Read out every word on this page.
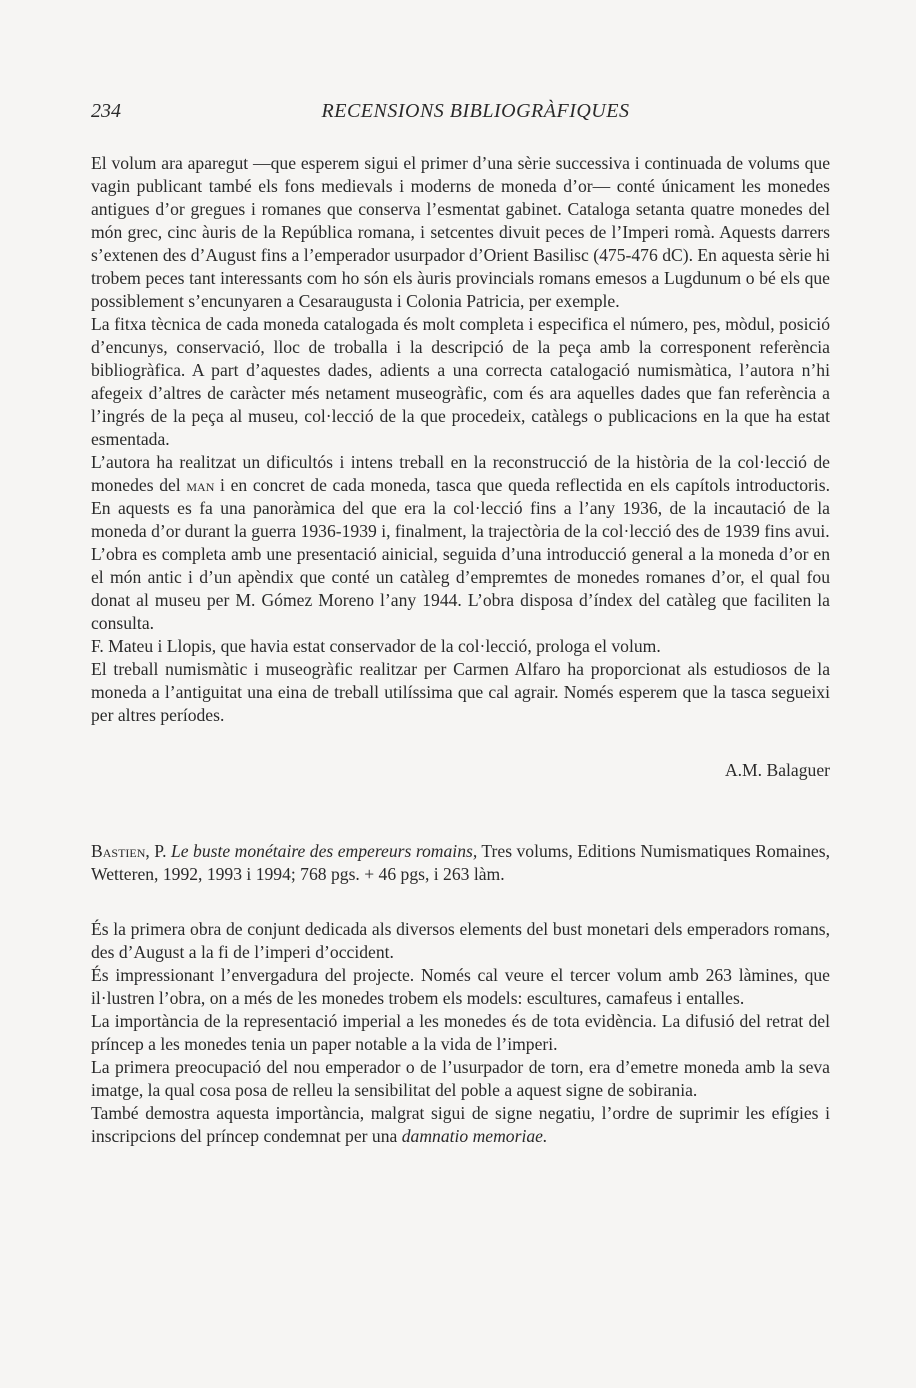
234	RECENSIONS BIBLIOGRÀFIQUES

El volum ara aparegut —que esperem sigui el primer d’una sèrie successiva i continuada de volums que vagin publicant també els fons medievals i moderns de moneda d’or— conté únicament les monedes antigues d’or gregues i romanes que conserva l’esmentat gabinet. Cataloga setanta quatre monedes del món grec, cinc àuris de la República romana, i setcentes divuit peces de l’Imperi romà. Aquests darrers s’extenen des d’August fins a l’emperador usurpador d’Orient Basilisc (475-476 dC). En aquesta sèrie hi trobem peces tant interessants com ho són els àuris provincials romans emesos a Lugdunum o bé els que possiblement s’encunyaren a Cesaraugusta i Colonia Patricia, per exemple.

La fitxa tècnica de cada moneda catalogada és molt completa i especifica el número, pes, mòdul, posició d’encunys, conservació, lloc de troballa i la descripció de la peça amb la corresponent referència bibliogràfica. A part d’aquestes dades, adients a una correcta catalogació numismàtica, l’autora n’hi afegeix d’altres de caràcter més netament museogràfic, com és ara aquelles dades que fan referència a l’ingrés de la peça al museu, col·lecció de la que procedeix, catàlegs o publicacions en la que ha estat esmentada.

L’autora ha realitzat un dificultós i intens treball en la reconstrucció de la història de la col·lecció de monedes del man i en concret de cada moneda, tasca que queda reflectida en els capítols introductoris. En aquests es fa una panoràmica del que era la col·lecció fins a l’any 1936, de la incautació de la moneda d’or durant la guerra 1936-1939 i, finalment, la trajectòria de la col·lecció des de 1939 fins avui.

L’obra es completa amb une presentació ainicial, seguida d’una introducció general a la moneda d’or en el món antic i d’un apèndix que conté un catàleg d’empremtes de monedes romanes d’or, el qual fou donat al museu per M. Gómez Moreno l’any 1944. L’obra disposa d’índex del catàleg que faciliten la consulta.

F. Mateu i Llopis, que havia estat conservador de la col·lecció, prologa el volum.

El treball numismàtic i museogràfic realitzar per Carmen Alfaro ha proporcionat als estudiosos de la moneda a l’antiguitat una eina de treball utilíssima que cal agrair. Només esperem que la tasca segueixi per altres períodes.

A.M. Balaguer

Bastien, P. Le buste monétaire des empereurs romains, Tres volums, Editions Numismatiques Romaines, Wetteren, 1992, 1993 i 1994; 768 pgs. + 46 pgs, i 263 làm.

És la primera obra de conjunt dedicada als diversos elements del bust monetari dels emperadors romans, des d’August a la fi de l’imperi d’occident.

És impressionant l’envergadura del projecte. Només cal veure el tercer volum amb 263 làmines, que il·lustren l’obra, on a més de les monedes trobem els models: escultures, camafeus i entalles.

La importància de la representació imperial a les monedes és de tota evidència. La difusió del retrat del príncep a les monedes tenia un paper notable a la vida de l’imperi.

La primera preocupació del nou emperador o de l’usurpador de torn, era d’emetre moneda amb la seva imatge, la qual cosa posa de relleu la sensibilitat del poble a aquest signe de sobirania.

També demostra aquesta importància, malgrat sigui de signe negatiu, l’ordre de suprimir les efígies i inscripcions del príncep condemnat per una damnatio memoriae.
